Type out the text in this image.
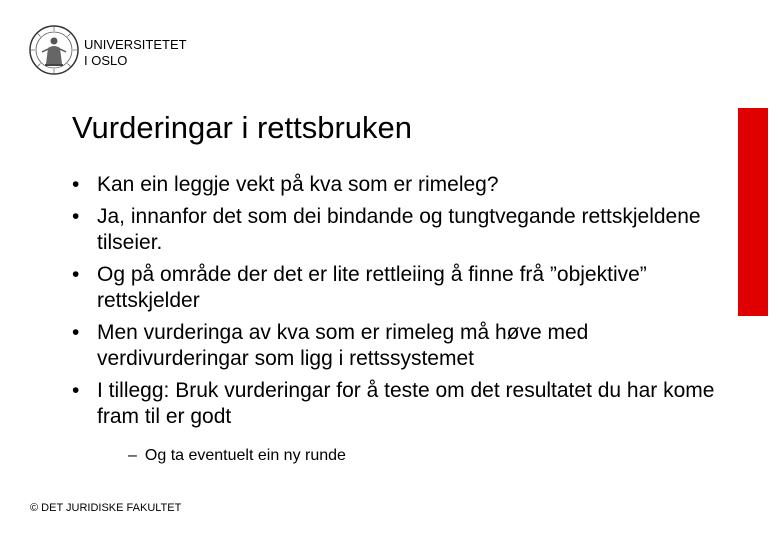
UNIVERSITETET
I OSLO
Vurderingar i rettsbruken
• Kan ein leggje vekt på kva som er rimeleg?
• Ja, innanfor det som dei bindande og tungtvegande rettskjeldene tilseier.
• Og på område der det er lite rettleiing å finne frå ”objektive” rettskjelder
• Men vurderinga av kva som er rimeleg må høve med verdivurderingar som ligg i rettssystemet
• I tillegg: Bruk vurderingar for å teste om det resultatet du har kome fram til er godt
– Og ta eventuelt ein ny runde
© DET JURIDISKE FAKULTET
